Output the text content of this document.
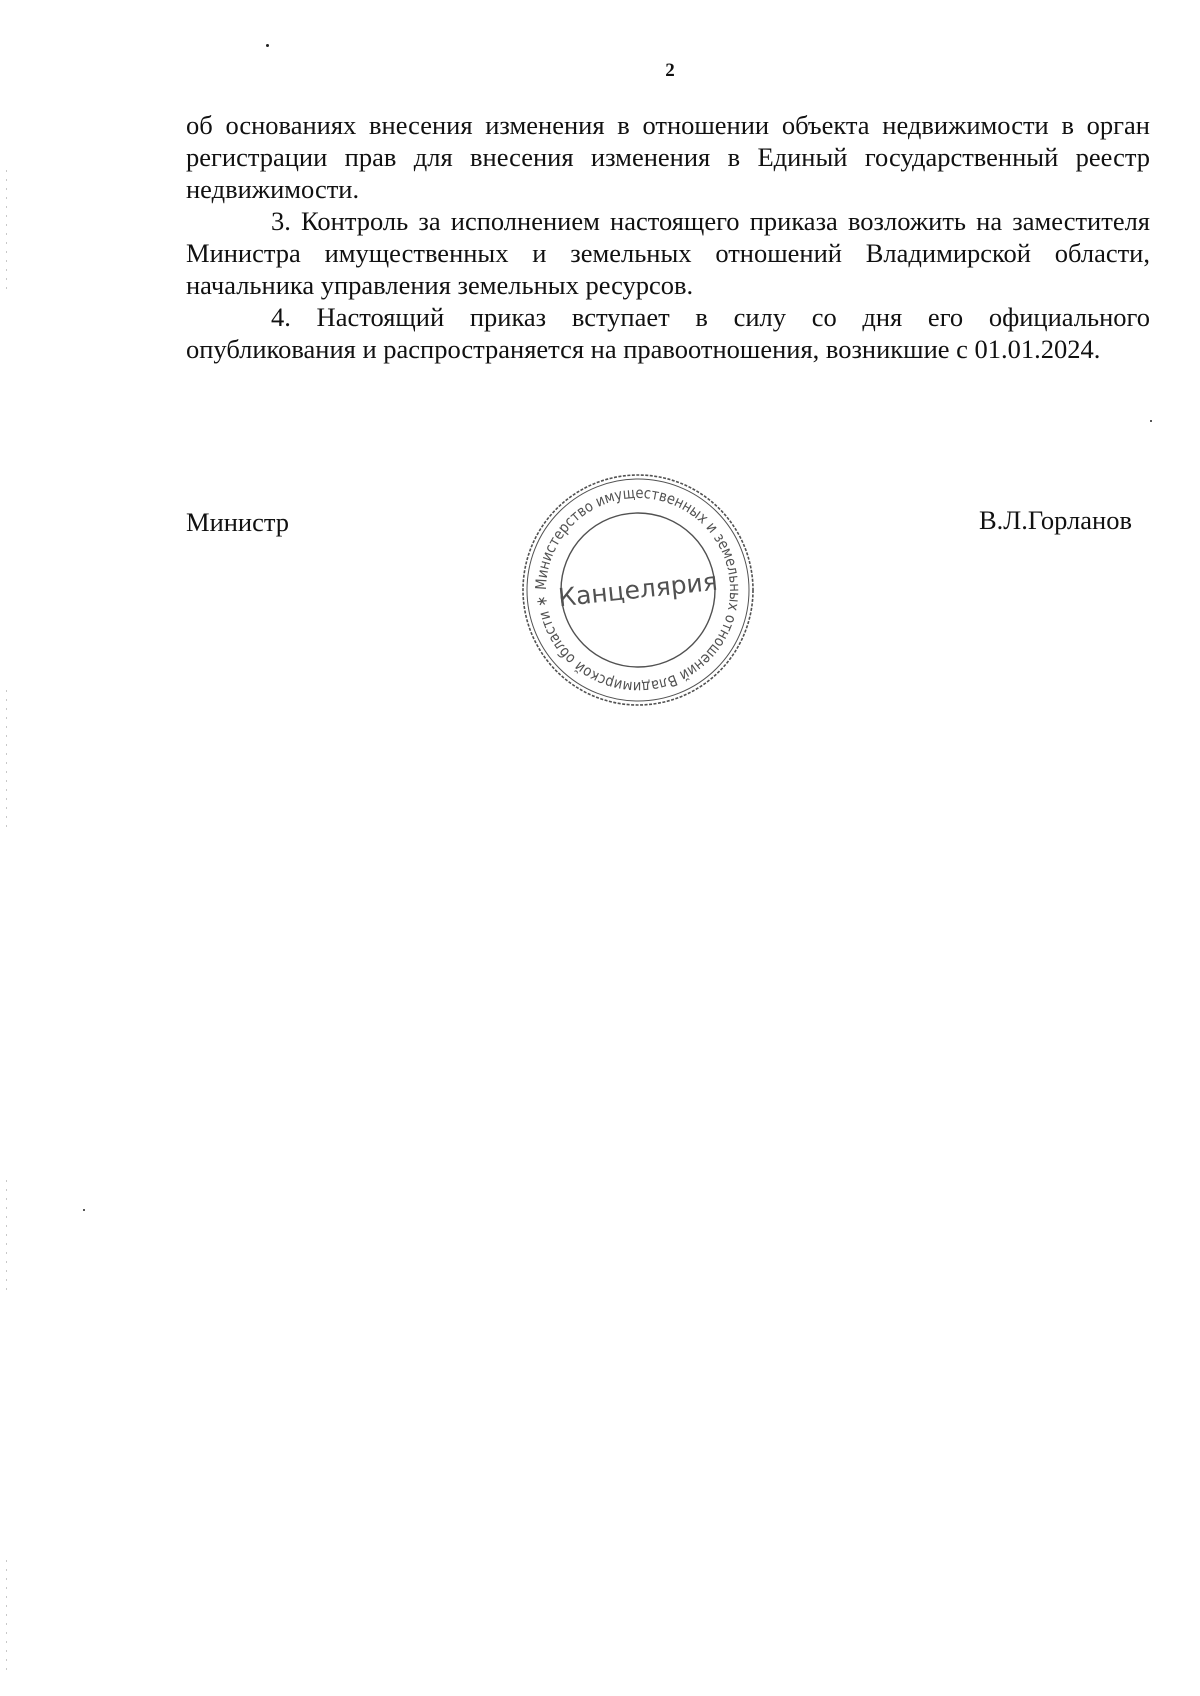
2

об основаниях внесения изменения в отношении объекта недвижимости в орган регистрации прав для внесения изменения в Единый государственный реестр недвижимости.

3. Контроль за исполнением настоящего приказа возложить на заместителя Министра имущественных и земельных отношений Владимирской области, начальника управления земельных ресурсов.

4. Настоящий приказ вступает в силу со дня его официального опубликования и распространяется на правоотношения, возникшие с 01.01.2024.

Министр
Министерство имущественных и земельных отношений Владимирской области ∗ Канцелярия
В.Л.Горланов
